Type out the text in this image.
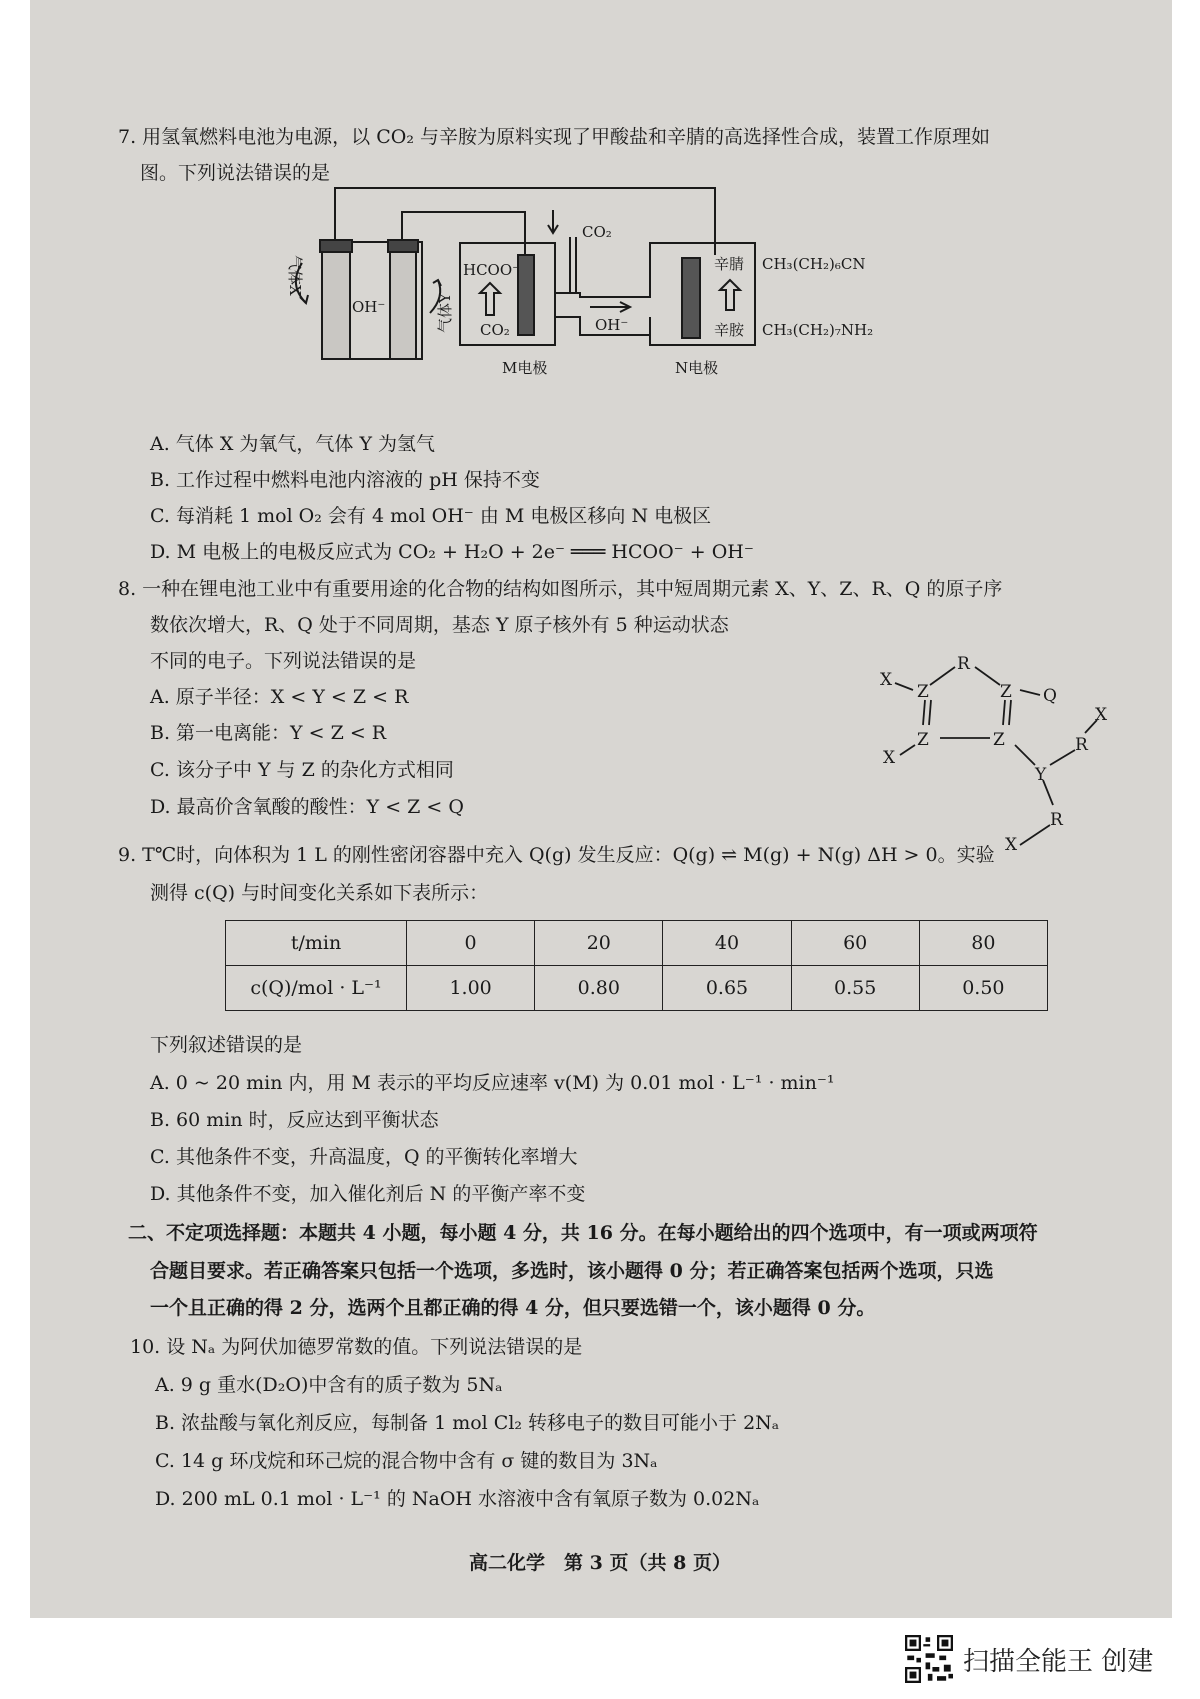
7. 用氢氧燃料电池为电源，以 CO₂ 与辛胺为原料实现了甲酸盐和辛腈的高选择性合成，装置工作原理如
图。下列说法错误的是
气体X
气体Y
OH⁻
CO₂
HCOO⁻
CO₂	OH⁻
M电极	N电极
辛腈
辛胺
CH₃(CH₂)₆CN
CH₃(CH₂)₇NH₂
A. 气体 X 为氧气，气体 Y 为氢气
B. 工作过程中燃料电池内溶液的 pH 保持不变
C. 每消耗 1 mol O₂ 会有 4 mol OH⁻ 由 M 电极区移向 N 电极区
D. M 电极上的电极反应式为 CO₂ + H₂O + 2e⁻ ═══ HCOO⁻ + OH⁻
8. 一种在锂电池工业中有重要用途的化合物的结构如图所示，其中短周期元素 X、Y、Z、R、Q 的原子序
数依次增大，R、Q 处于不同周期，基态 Y 原子核外有 5 种运动状态
不同的电子。下列说法错误的是
A. 原子半径：X < Y < Z < R
B. 第一电离能：Y < Z < R
C. 该分子中 Y 与 Z 的杂化方式相同
D. 最高价含氧酸的酸性：Y < Z < Q
R
X
Z	Z Q
Z	Z
X
X
R
Y
R
X
9. T℃时，向体积为 1 L 的刚性密闭容器中充入 Q(g) 发生反应：Q(g) ⇌ M(g) + N(g) ΔH > 0。实验
测得 c(Q) 与时间变化关系如下表所示：
t/min	0	20	40	60	80
c(Q)/mol · L⁻¹	1.00	0.80	0.65	0.55	0.50
下列叙述错误的是
A. 0 ~ 20 min 内，用 M 表示的平均反应速率 v(M) 为 0.01 mol · L⁻¹ · min⁻¹
B. 60 min 时，反应达到平衡状态
C. 其他条件不变，升高温度，Q 的平衡转化率增大
D. 其他条件不变，加入催化剂后 N 的平衡产率不变
二、不定项选择题：本题共 4 小题，每小题 4 分，共 16 分。在每小题给出的四个选项中，有一项或两项符
合题目要求。若正确答案只包括一个选项，多选时，该小题得 0 分；若正确答案包括两个选项，只选
一个且正确的得 2 分，选两个且都正确的得 4 分，但只要选错一个，该小题得 0 分。
10. 设 Nₐ 为阿伏加德罗常数的值。下列说法错误的是
A. 9 g 重水(D₂O)中含有的质子数为 5Nₐ
B. 浓盐酸与氧化剂反应，每制备 1 mol Cl₂ 转移电子的数目可能小于 2Nₐ
C. 14 g 环戊烷和环己烷的混合物中含有 σ 键的数目为 3Nₐ
D. 200 mL 0.1 mol · L⁻¹ 的 NaOH 水溶液中含有氧原子数为 0.02Nₐ
高二化学　第 3 页（共 8 页）
扫描全能王 创建
